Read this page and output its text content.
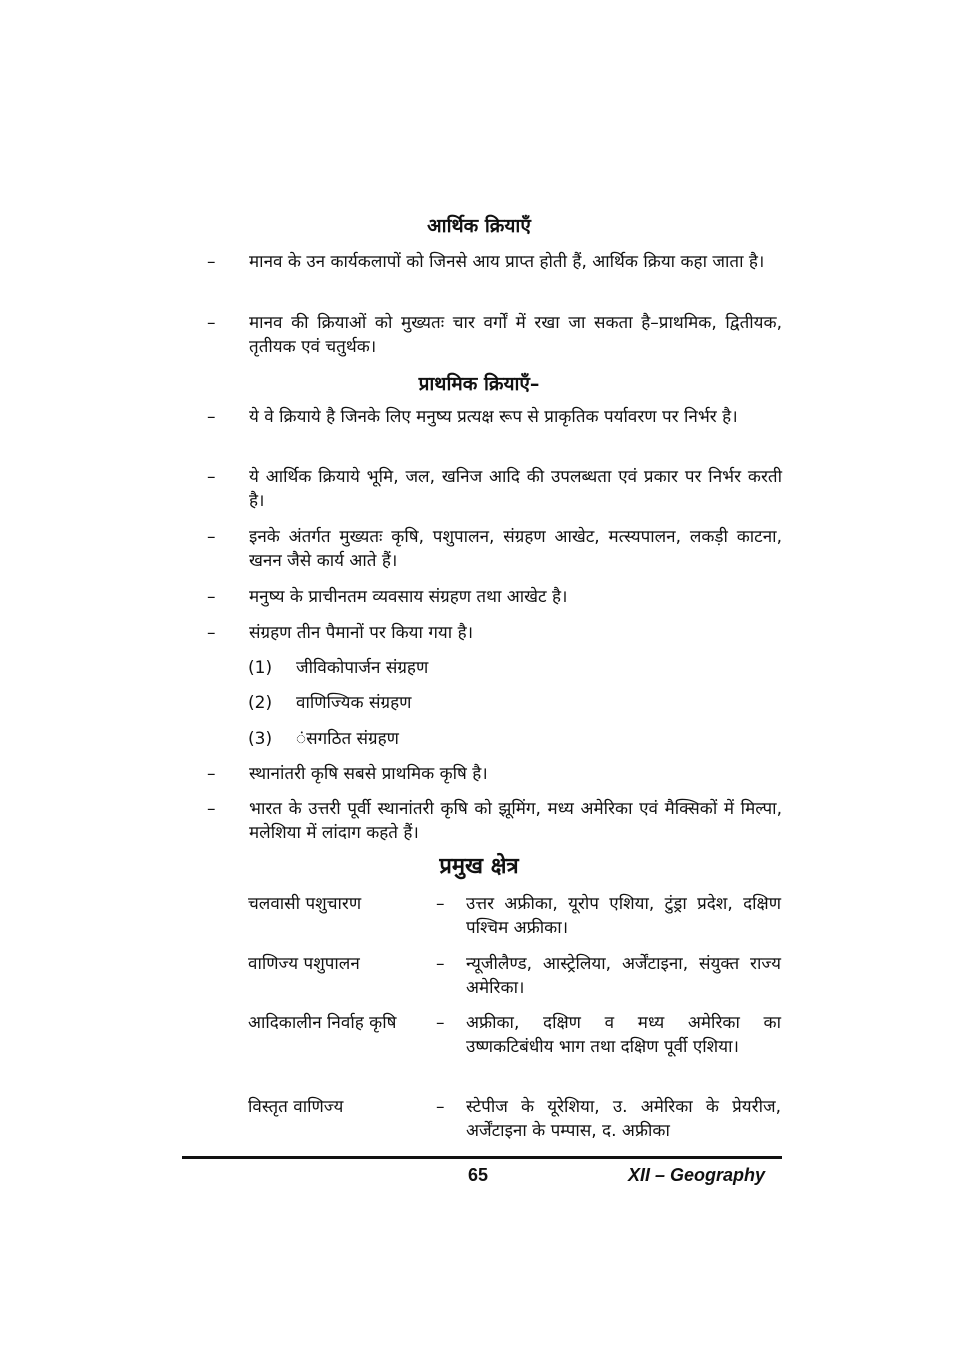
आर्थिक क्रियाएँ
–	मानव के उन कार्यकलापों को जिनसे आय प्राप्त होती हैं, आर्थिक क्रिया कहा जाता है।
–	मानव की क्रियाओं को मुख्यतः चार वर्गों में रखा जा सकता है–प्राथमिक, द्वितीयक, तृतीयक एवं चतुर्थक।
प्राथमिक क्रियाएँ–
–	ये वे क्रियाये है जिनके लिए मनुष्य प्रत्यक्ष रूप से प्राकृतिक पर्यावरण पर निर्भर है।
–	ये आर्थिक क्रियाये भूमि, जल, खनिज आदि की उपलब्धता एवं प्रकार पर निर्भर करती है।
–	इनके अंतर्गत मुख्यतः कृषि, पशुपालन, संग्रहण आखेट, मत्स्यपालन, लकड़ी काटना, खनन जैसे कार्य आते हैं।
–	मनुष्य के प्राचीनतम व्यवसाय संग्रहण तथा आखेट है।
–	संग्रहण तीन पैमानों पर किया गया है।
(1) जीविकोपार्जन संग्रहण
(2) वाणिज्यिक संग्रहण
(3) ंसगठित संग्रहण
–	स्थानांतरी कृषि सबसे प्राथमिक कृषि है।
–	भारत के उत्तरी पूर्वी स्थानांतरी कृषि को झूमिंग, मध्य अमेरिका एवं मैक्सिकों में मिल्पा, मलेशिया में लांदाग कहते हैं।
प्रमुख क्षेत्र
चलवासी पशुचारण	– उत्तर अफ्रीका, यूरोप एशिया, टुंड्रा प्रदेश, दक्षिण पश्चिम अफ्रीका।
वाणिज्य पशुपालन	– न्यूजीलैण्ड, आस्ट्रेलिया, अर्जेंटाइना, संयुक्त राज्य अमेरिका।
आदिकालीन निर्वाह कृषि – अफ्रीका, दक्षिण व मध्य अमेरिका का उष्णकटिबंधीय भाग तथा दक्षिण पूर्वी एशिया।
विस्तृत वाणिज्य	– स्टेपीज के यूरेशिया, उ. अमेरिका के प्रेयरीज, अर्जेंटाइना के पम्पास, द. अफ्रीका
65	XII – Geography
